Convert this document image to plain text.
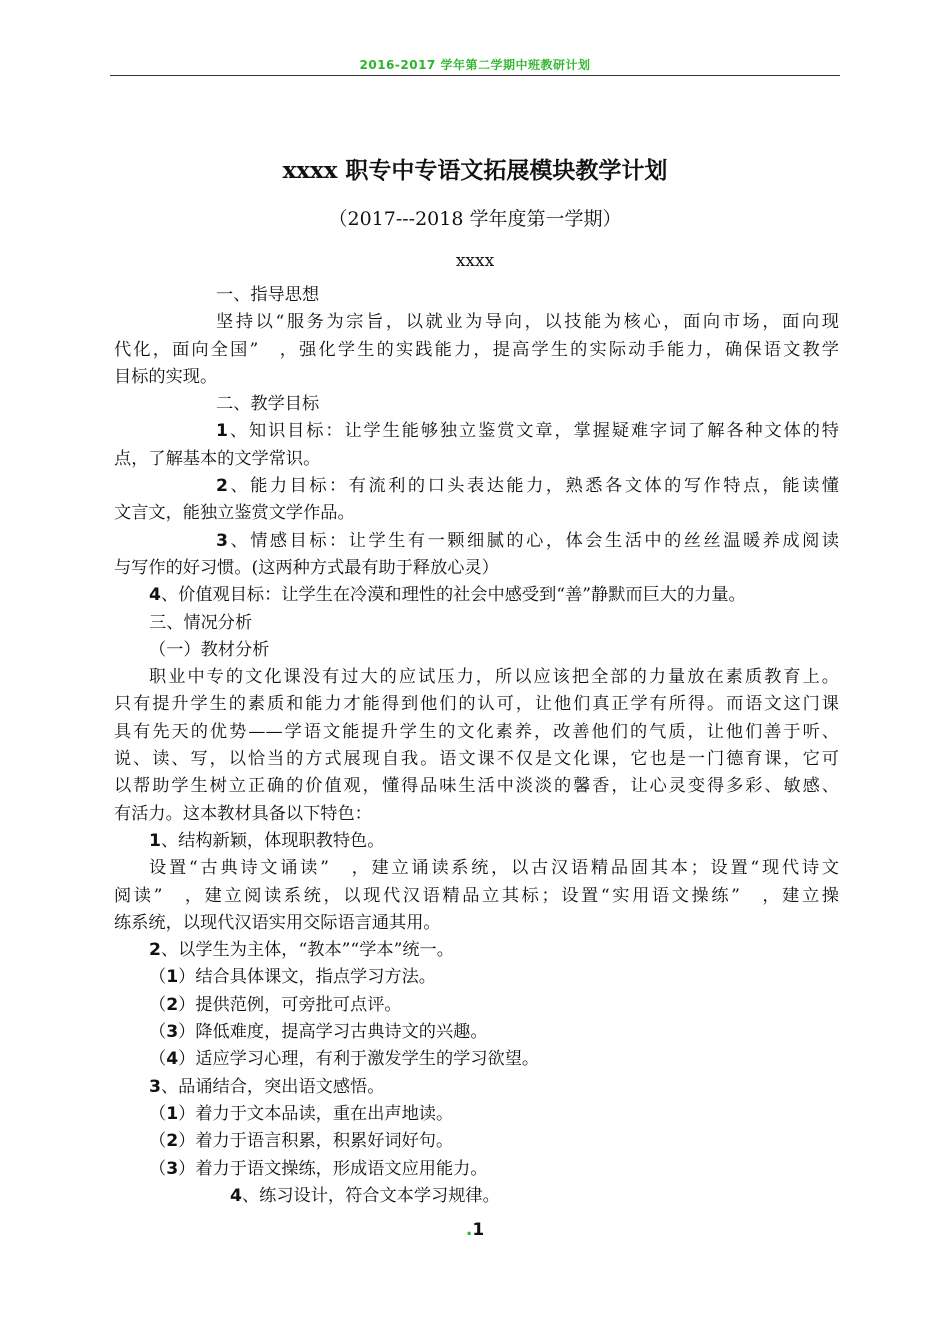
2016-2017 学年第二学期中班教研计划
xxxx 职专中专语文拓展模块教学计划
（2017---2018 学年度第一学期）
xxxx
一、指导思想
坚持以“服务为宗旨，以就业为导向，以技能为核心，面向市场，面向现
代化，面向全国”　，强化学生的实践能力，提高学生的实际动手能力，确保语文教学
目标的实现。
二、教学目标
1、知识目标：让学生能够独立鉴赏文章，掌握疑难字词了解各种文体的特
点，了解基本的文学常识。
2、能力目标：有流利的口头表达能力，熟悉各文体的写作特点，能读懂
文言文，能独立鉴赏文学作品。
3、情感目标：让学生有一颗细腻的心，体会生活中的丝丝温暖养成阅读
与写作的好习惯。(这两种方式最有助于释放心灵）
4、价值观目标：让学生在冷漠和理性的社会中感受到“善”静默而巨大的力量。
三、情况分析
（一）教材分析
职业中专的文化课没有过大的应试压力，所以应该把全部的力量放在素质教育上。
只有提升学生的素质和能力才能得到他们的认可，让他们真正学有所得。而语文这门课
具有先天的优势——学语文能提升学生的文化素养，改善他们的气质，让他们善于听、
说、读、写，以恰当的方式展现自我。语文课不仅是文化课，它也是一门德育课，它可
以帮助学生树立正确的价值观，懂得品味生活中淡淡的馨香，让心灵变得多彩、敏感、
有活力。这本教材具备以下特色：
1、结构新颖，体现职教特色。
设置“古典诗文诵读”　，建立诵读系统，以古汉语精品固其本；设置“现代诗文
阅读”　，建立阅读系统，以现代汉语精品立其标；设置“实用语文操练”　，建立操
练系统，以现代汉语实用交际语言通其用。
2、以学生为主体，“教本”“学本”统一。
（1）结合具体课文，指点学习方法。
（2）提供范例，可旁批可点评。
（3）降低难度，提高学习古典诗文的兴趣。
（4）适应学习心理，有利于激发学生的学习欲望。
3、品诵结合，突出语文感悟。
（1）着力于文本品读，重在出声地读。
（2）着力于语言积累，积累好词好句。
（3）着力于语文操练，形成语文应用能力。
4、练习设计，符合文本学习规律。
.1
